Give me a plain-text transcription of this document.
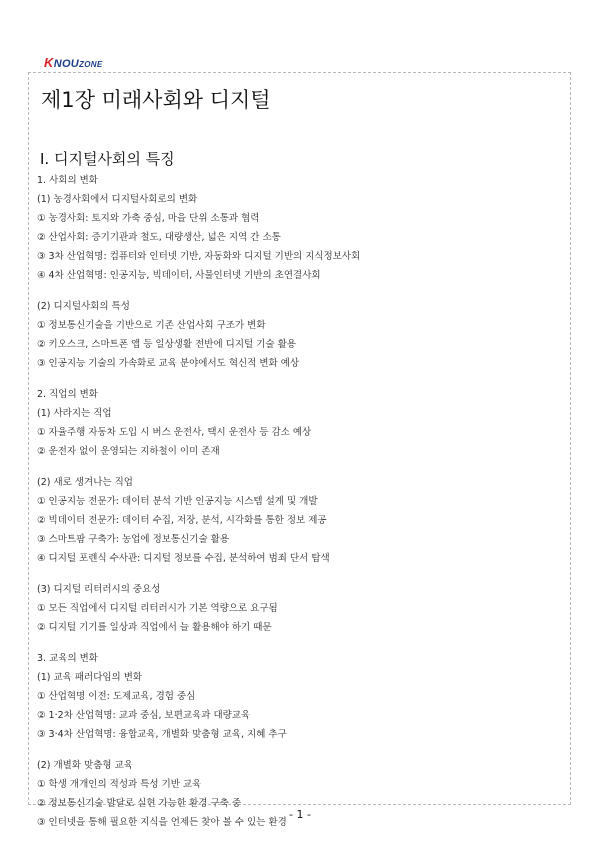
KNOUZONE
제1장 미래사회와 디지털
Ⅰ. 디지털사회의 특징
1. 사회의 변화
(1) 농경사회에서 디지털사회로의 변화
① 농경사회: 토지와 가축 중심, 마을 단위 소통과 협력
② 산업사회: 증기기관과 철도, 대량생산, 넓은 지역 간 소통
③ 3차 산업혁명: 컴퓨터와 인터넷 기반, 자동화와 디지털 기반의 지식정보사회
④ 4차 산업혁명: 인공지능, 빅데이터, 사물인터넷 기반의 초연결사회
(2) 디지털사회의 특성
① 정보통신기술을 기반으로 기존 산업사회 구조가 변화
② 키오스크, 스마트폰 앱 등 일상생활 전반에 디지털 기술 활용
③ 인공지능 기술의 가속화로 교육 분야에서도 혁신적 변화 예상
2. 직업의 변화
(1) 사라지는 직업
① 자율주행 자동차 도입 시 버스 운전사, 택시 운전사 등 감소 예상
② 운전자 없이 운영되는 지하철이 이미 존재
(2) 새로 생겨나는 직업
① 인공지능 전문가: 데이터 분석 기반 인공지능 시스템 설계 및 개발
② 빅데이터 전문가: 데이터 수집, 저장, 분석, 시각화를 통한 정보 제공
③ 스마트팜 구축가: 농업에 정보통신기술 활용
④ 디지털 포렌식 수사관: 디지털 정보를 수집, 분석하여 범죄 단서 탐색
(3) 디지털 리터러시의 중요성
① 모든 직업에서 디지털 리터러시가 기본 역량으로 요구됨
② 디지털 기기를 일상과 직업에서 늘 활용해야 하기 때문
3. 교육의 변화
(1) 교육 패러다임의 변화
① 산업혁명 이전: 도제교육, 경험 중심
② 1·2차 산업혁명: 교과 중심, 보편교육과 대량교육
③ 3·4차 산업혁명: 융합교육, 개별화 맞춤형 교육, 지혜 추구
(2) 개별화 맞춤형 교육
① 학생 개개인의 적성과 특성 기반 교육
② 정보통신기술 발달로 실현 가능한 환경 구축 중
③ 인터넷을 통해 필요한 지식을 언제든 찾아 볼 수 있는 환경
- 1 -
